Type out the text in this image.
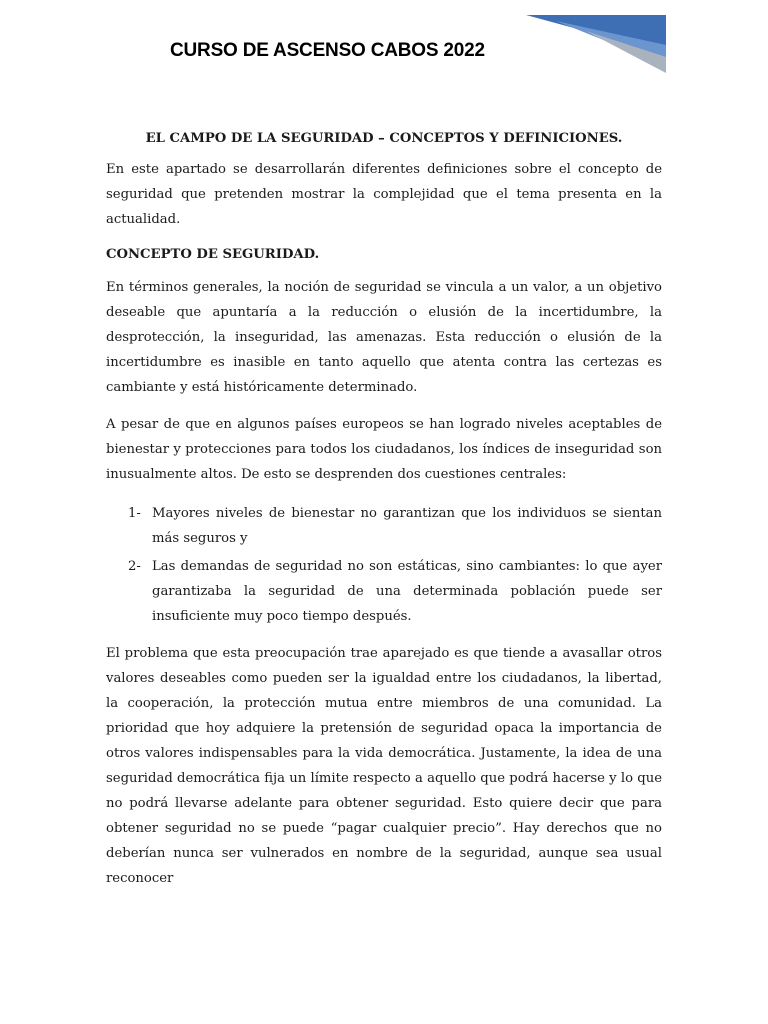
CURSO DE ASCENSO CABOS 2022
EL CAMPO DE LA SEGURIDAD – CONCEPTOS Y DEFINICIONES.

En este apartado se desarrollarán diferentes definiciones sobre el concepto de seguridad que pretenden mostrar la complejidad que el tema presenta en la actualidad.

CONCEPTO DE SEGURIDAD.

En términos generales, la noción de seguridad se vincula a un valor, a un objetivo deseable que apuntaría a la reducción o elusión de la incertidumbre, la desprotección, la inseguridad, las amenazas. Esta reducción o elusión de la incertidumbre es inasible en tanto aquello que atenta contra las certezas es cambiante y está históricamente determinado.

A pesar de que en algunos países europeos se han logrado niveles aceptables de bienestar y protecciones para todos los ciudadanos, los índices de inseguridad son inusualmente altos. De esto se desprenden dos cuestiones centrales:

1- Mayores niveles de bienestar no garantizan que los individuos se sientan más seguros y
2- Las demandas de seguridad no son estáticas, sino cambiantes: lo que ayer garantizaba la seguridad de una determinada población puede ser insuficiente muy poco tiempo después.

El problema que esta preocupación trae aparejado es que tiende a avasallar otros valores deseables como pueden ser la igualdad entre los ciudadanos, la libertad, la cooperación, la protección mutua entre miembros de una comunidad. La prioridad que hoy adquiere la pretensión de seguridad opaca la importancia de otros valores indispensables para la vida democrática. Justamente, la idea de una seguridad democrática fija un límite respecto a aquello que podrá hacerse y lo que no podrá llevarse adelante para obtener seguridad. Esto quiere decir que para obtener seguridad no se puede “pagar cualquier precio”. Hay derechos que no deberían nunca ser vulnerados en nombre de la seguridad, aunque sea usual reconocer
